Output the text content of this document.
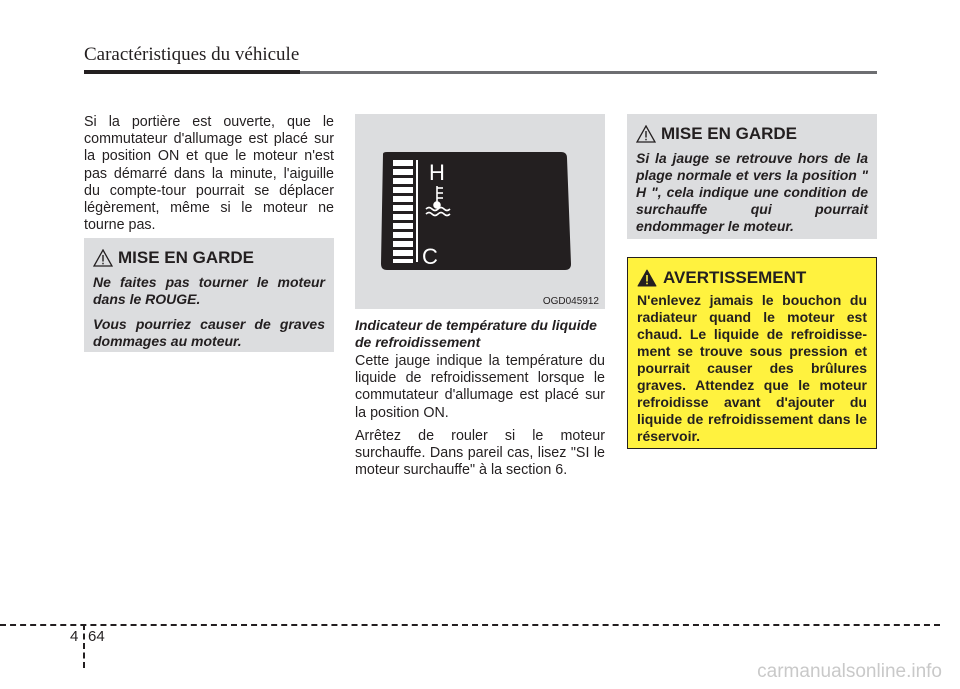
Caractéristiques du véhicule
Si la portière est ouverte, que le commutateur d'allumage est placé sur la position ON et que le moteur n'est pas démarré dans la minute, l'aiguille du compte-tour pourrait se déplacer légèrement, même si le moteur ne tourne pas.
MISE EN GARDE

Ne faites pas tourner le moteur dans le ROUGE.

Vous pourriez causer de graves dommages au moteur.

H
C
OGD045912
Indicateur de température du liquide de refroidissement

Cette jauge indique la température du liquide de refroidissement lorsque le commutateur d'allumage est placé sur la position ON.

Arrêtez de rouler si le moteur surchauffe. Dans pareil cas, lisez "SI le moteur surchauffe" à la section 6.

MISE EN GARDE

Si la jauge se retrouve hors de la plage normale et vers la position " H ", cela indique une condition de surchauffe qui pourrait endommager le moteur.

AVERTISSEMENT

N'enlevez jamais le bouchon du radiateur quand le moteur est chaud. Le liquide de refroidisse-ment se trouve sous pression et pourrait causer des brûlures graves. Attendez que le moteur refroidisse avant d'ajouter du liquide de refroidissement dans le réservoir.

4 64
carmanualsonline.info
